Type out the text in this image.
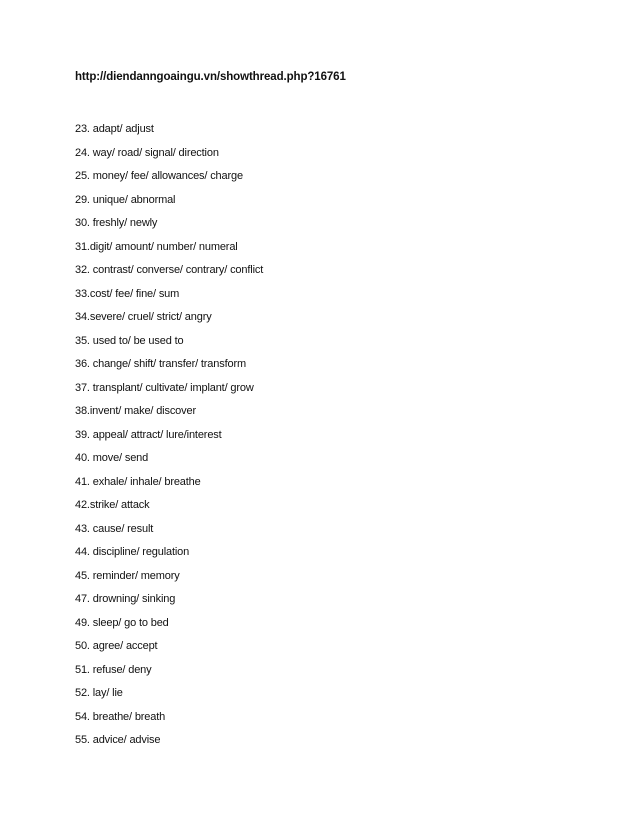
http://diendanngoaingu.vn/showthread.php?16761
23. adapt/ adjust
24. way/ road/ signal/ direction
25. money/ fee/ allowances/ charge
29. unique/ abnormal
30. freshly/ newly
31.digit/ amount/ number/ numeral
32. contrast/ converse/ contrary/ conflict
33.cost/ fee/ fine/ sum
34.severe/ cruel/ strict/ angry
35. used to/ be used to
36. change/ shift/ transfer/ transform
37. transplant/ cultivate/ implant/ grow
38.invent/ make/ discover
39. appeal/ attract/ lure/interest
40. move/ send
41. exhale/ inhale/ breathe
42.strike/ attack
43. cause/ result
44. discipline/ regulation
45. reminder/ memory
47. drowning/ sinking
49. sleep/ go to bed
50. agree/ accept
51. refuse/ deny
52. lay/ lie
54. breathe/ breath
55. advice/ advise
